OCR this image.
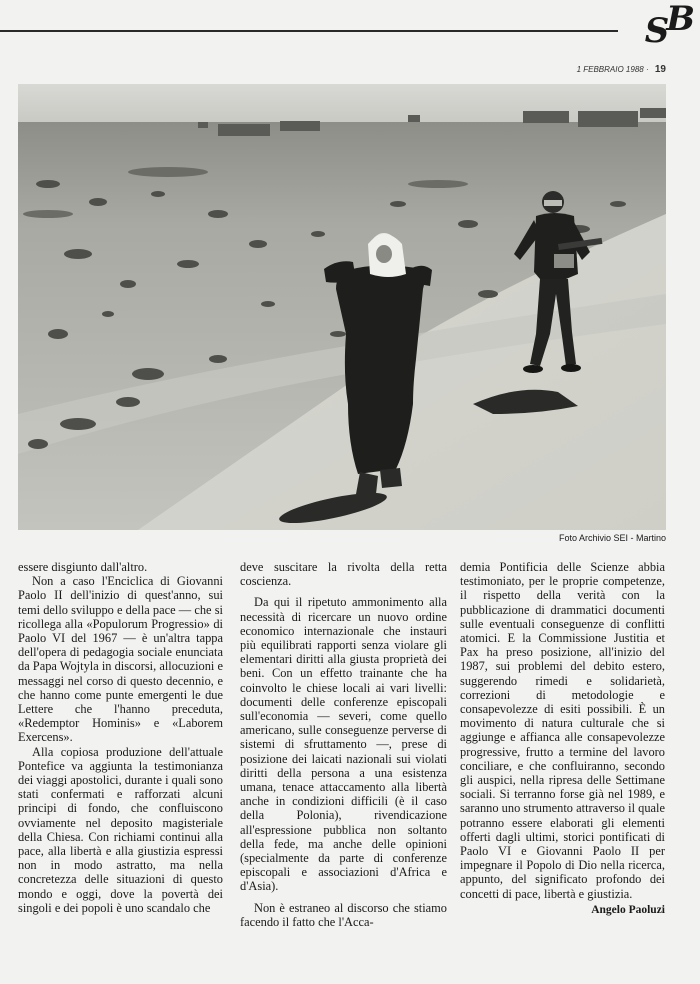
SB
1 FEBBRAIO 1988 · 19
Foto Archivio SEI - Martino

essere disgiunto dall'altro.

Non a caso l'Enciclica di Giovanni Paolo II dell'inizio di quest'anno, sui temi dello sviluppo e della pace — che si ricollega alla «Populorum Progressio» di Paolo VI del 1967 — è un'altra tappa dell'opera di pedagogia sociale enunciata da Papa Wojtyla in discorsi, allocuzioni e messaggi nel corso di questo decennio, e che hanno come punte emergenti le due Lettere che l'hanno preceduta, «Redemptor Hominis» e «Laborem Exercens».

Alla copiosa produzione dell'attuale Pontefice va aggiunta la testimonianza dei viaggi apostolici, durante i quali sono stati confermati e rafforzati alcuni principi di fondo, che confluiscono ovviamente nel deposito magisteriale della Chiesa. Con richiami continui alla pace, alla libertà e alla giustizia espressi non in modo astratto, ma nella concretezza delle situazioni di questo mondo e oggi, dove la povertà dei singoli e dei popoli è uno scandalo che

deve suscitare la rivolta della retta coscienza.

Da qui il ripetuto ammonimento alla necessità di ricercare un nuovo ordine economico internazionale che instauri più equilibrati rapporti senza violare gli elementari diritti alla giusta proprietà dei beni. Con un effetto trainante che ha coinvolto le chiese locali ai vari livelli: documenti delle conferenze episcopali sull'economia — severi, come quello americano, sulle conseguenze perverse di sistemi di sfruttamento —, prese di posizione dei laicati nazionali sui violati diritti della persona a una esistenza umana, tenace attaccamento alla libertà anche in condizioni difficili (è il caso della Polonia), rivendicazione all'espressione pubblica non soltanto della fede, ma anche delle opinioni (specialmente da parte di conferenze episcopali e associazioni d'Africa e d'Asia).

Non è estraneo al discorso che stiamo facendo il fatto che l'Acca-

demia Pontificia delle Scienze abbia testimoniato, per le proprie competenze, il rispetto della verità con la pubblicazione di drammatici documenti sulle eventuali conseguenze di conflitti atomici. E la Commissione Justitia et Pax ha preso posizione, all'inizio del 1987, sui problemi del debito estero, suggerendo rimedi e solidarietà, correzioni di metodologie e consapevolezze di esiti possibili. È un movimento di natura culturale che si aggiunge e affianca alle consapevolezze progressive, frutto a termine del lavoro conciliare, e che confluiranno, secondo gli auspici, nella ripresa delle Settimane sociali. Si terranno forse già nel 1989, e saranno uno strumento attraverso il quale potranno essere elaborati gli elementi offerti dagli ultimi, storici pontificati di Paolo VI e Giovanni Paolo II per impegnare il Popolo di Dio nella ricerca, appunto, del significato profondo dei concetti di pace, libertà e giustizia.

Angelo Paoluzi
